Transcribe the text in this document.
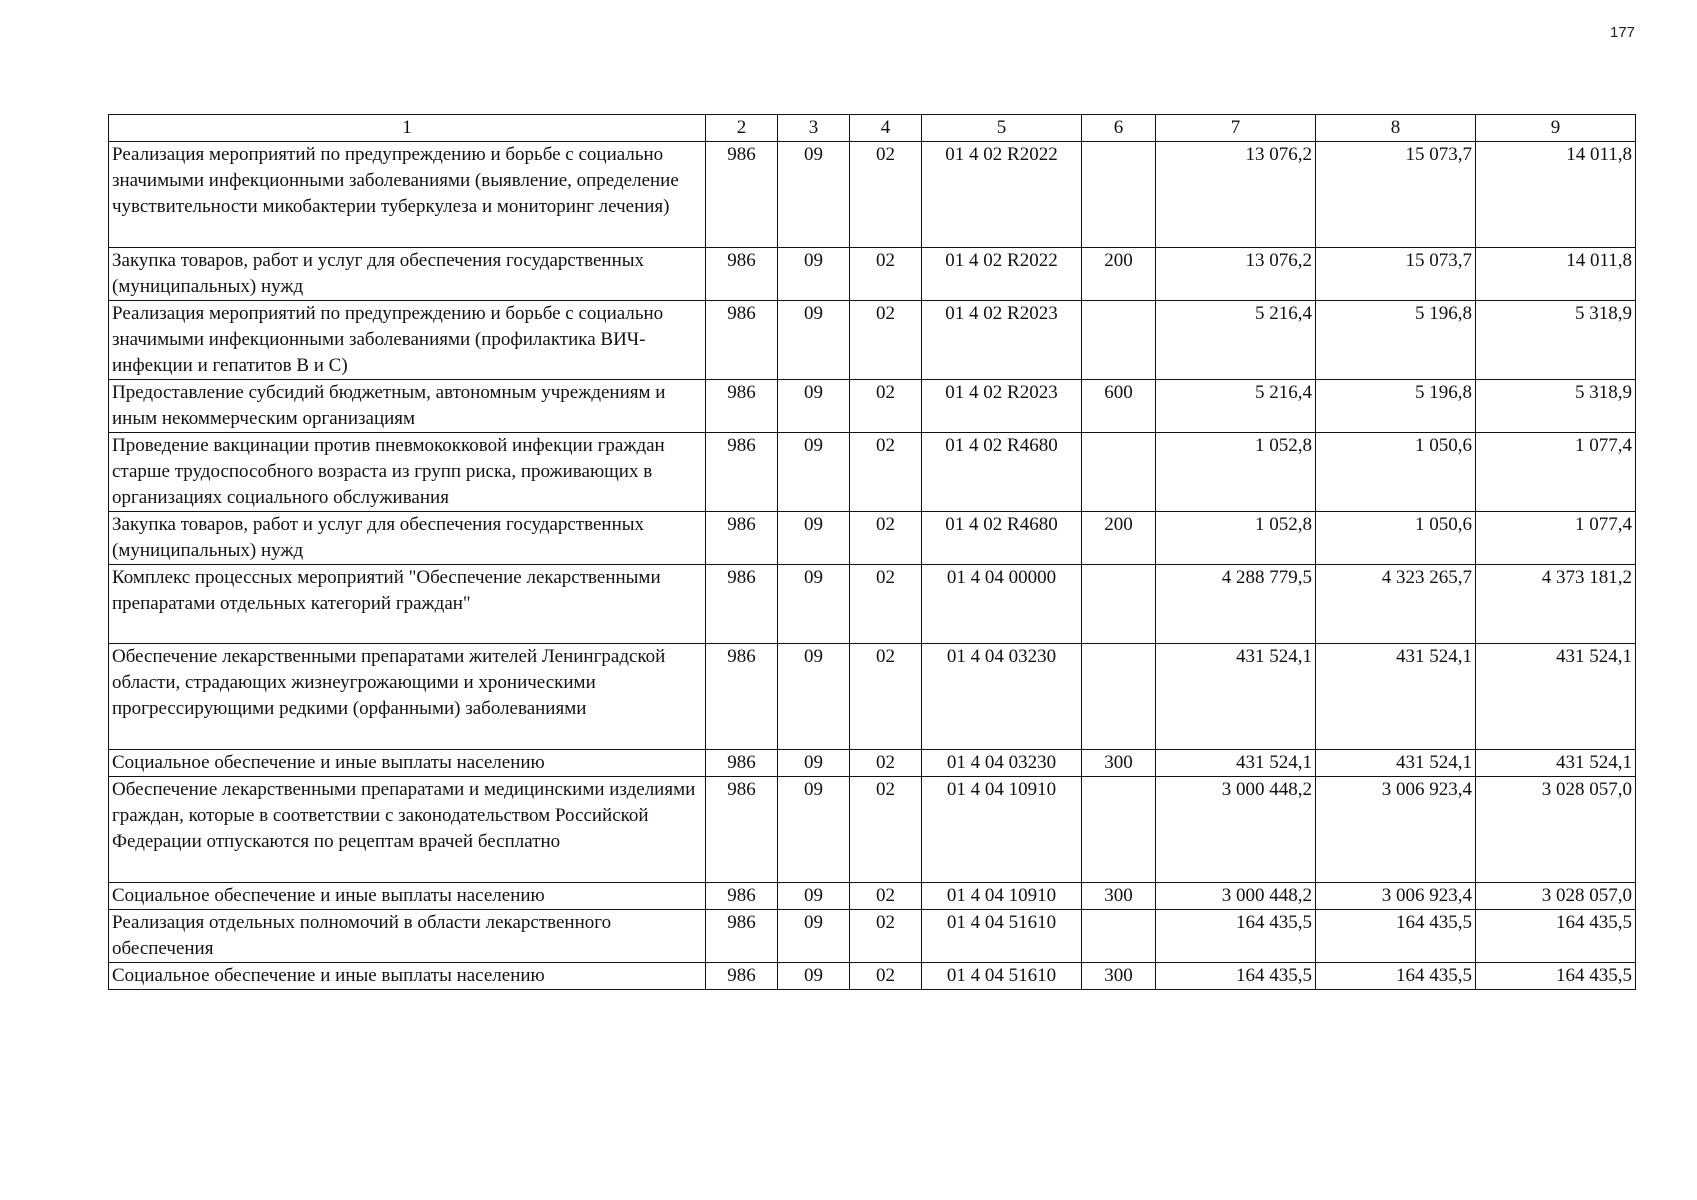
177
1	2	3	4	5	6	7	8	9
Реализация мероприятий по предупреждению и борьбе с социально значимыми инфекционными заболеваниями (выявление, определение чувствительности микобактерии туберкулеза и мониторинг лечения)	986	09	02	01 4 02 R2022		13 076,2	15 073,7	14 011,8
Закупка товаров, работ и услуг для обеспечения государственных (муниципальных) нужд	986	09	02	01 4 02 R2022	200	13 076,2	15 073,7	14 011,8
Реализация мероприятий по предупреждению и борьбе с социально значимыми инфекционными заболеваниями (профилактика ВИЧ-инфекции и гепатитов В и С)	986	09	02	01 4 02 R2023		5 216,4	5 196,8	5 318,9
Предоставление субсидий бюджетным, автономным учреждениям и иным некоммерческим организациям	986	09	02	01 4 02 R2023	600	5 216,4	5 196,8	5 318,9
Проведение вакцинации против пневмококковой инфекции граждан старше трудоспособного возраста из групп риска, проживающих в организациях социального обслуживания	986	09	02	01 4 02 R4680		1 052,8	1 050,6	1 077,4
Закупка товаров, работ и услуг для обеспечения государственных (муниципальных) нужд	986	09	02	01 4 02 R4680	200	1 052,8	1 050,6	1 077,4
Комплекс процессных мероприятий "Обеспечение лекарственными препаратами отдельных категорий граждан"	986	09	02	01 4 04 00000		4 288 779,5	4 323 265,7	4 373 181,2
Обеспечение лекарственными препаратами жителей Ленинградской области, страдающих жизнеугрожающими и хроническими прогрессирующими редкими (орфанными) заболеваниями	986	09	02	01 4 04 03230		431 524,1	431 524,1	431 524,1
Социальное обеспечение и иные выплаты населению	986	09	02	01 4 04 03230	300	431 524,1	431 524,1	431 524,1
Обеспечение лекарственными препаратами и медицинскими изделиями граждан, которые в соответствии с законодательством Российской Федерации отпускаются по рецептам врачей бесплатно	986	09	02	01 4 04 10910		3 000 448,2	3 006 923,4	3 028 057,0
Социальное обеспечение и иные выплаты населению	986	09	02	01 4 04 10910	300	3 000 448,2	3 006 923,4	3 028 057,0
Реализация отдельных полномочий в области лекарственного обеспечения	986	09	02	01 4 04 51610		164 435,5	164 435,5	164 435,5
Социальное обеспечение и иные выплаты населению	986	09	02	01 4 04 51610	300	164 435,5	164 435,5	164 435,5
